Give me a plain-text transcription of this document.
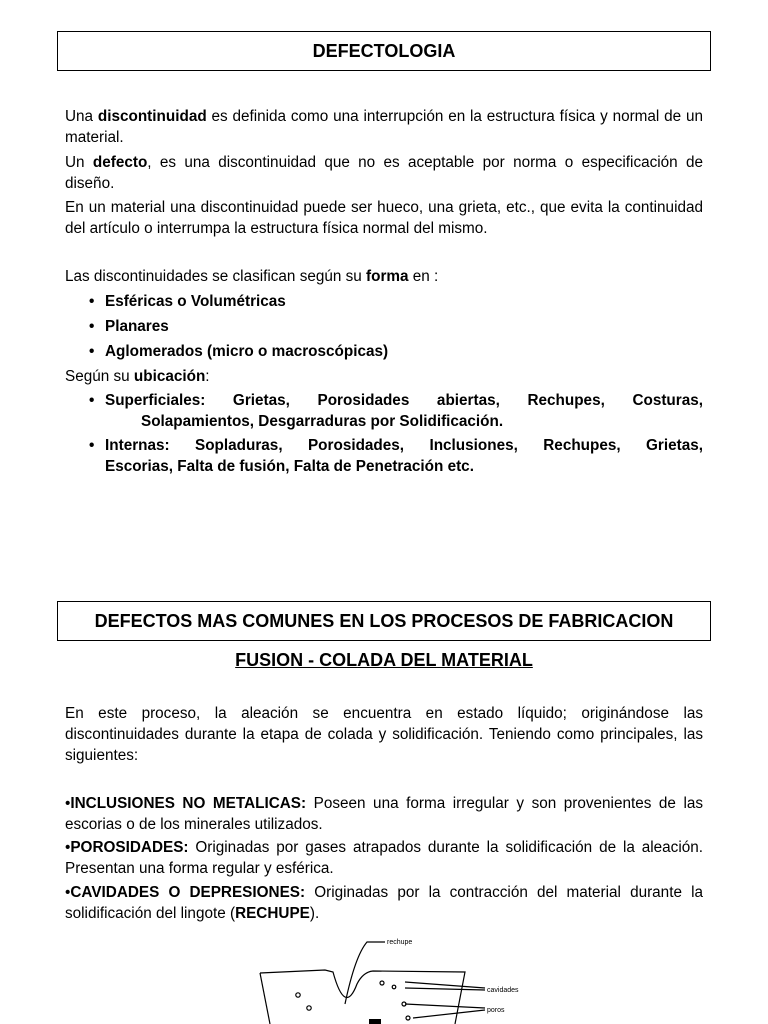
DEFECTOLOGIA

Una discontinuidad es definida como una interrupción en la estructura física y normal de un material.

Un defecto, es una discontinuidad que no es aceptable por norma o especificación de diseño.

En un material una discontinuidad puede ser hueco, una grieta, etc., que evita la continuidad del artículo o interrumpa la estructura física normal del mismo.

Las discontinuidades se clasifican según su forma en :

• Esféricas o Volumétricas
• Planares
• Aglomerados (micro o macroscópicas)

Según su ubicación:

• Superficiales: Grietas, Porosidades abiertas, Rechupes, Costuras,
Solapamientos, Desgarraduras por Solidificación.
• Internas: Sopladuras, Porosidades, Inclusiones, Rechupes, Grietas,
Escorias, Falta de fusión, Falta de Penetración etc.
DEFECTOS MAS COMUNES EN LOS PROCESOS DE FABRICACION
FUSION - COLADA DEL MATERIAL

En este proceso, la aleación se encuentra en estado líquido; originándose las discontinuidades durante la etapa de colada y solidificación. Teniendo como principales, las siguientes:

•INCLUSIONES NO METALICAS: Poseen una forma irregular y son provenientes de las escorias o de los minerales utilizados.

•POROSIDADES: Originadas por gases atrapados durante la solidificación de la aleación. Presentan una forma regular y esférica.

•CAVIDADES O DEPRESIONES: Originadas por la contracción del material durante la solidificación del lingote (RECHUPE).

rechupe
cavidades
poros
